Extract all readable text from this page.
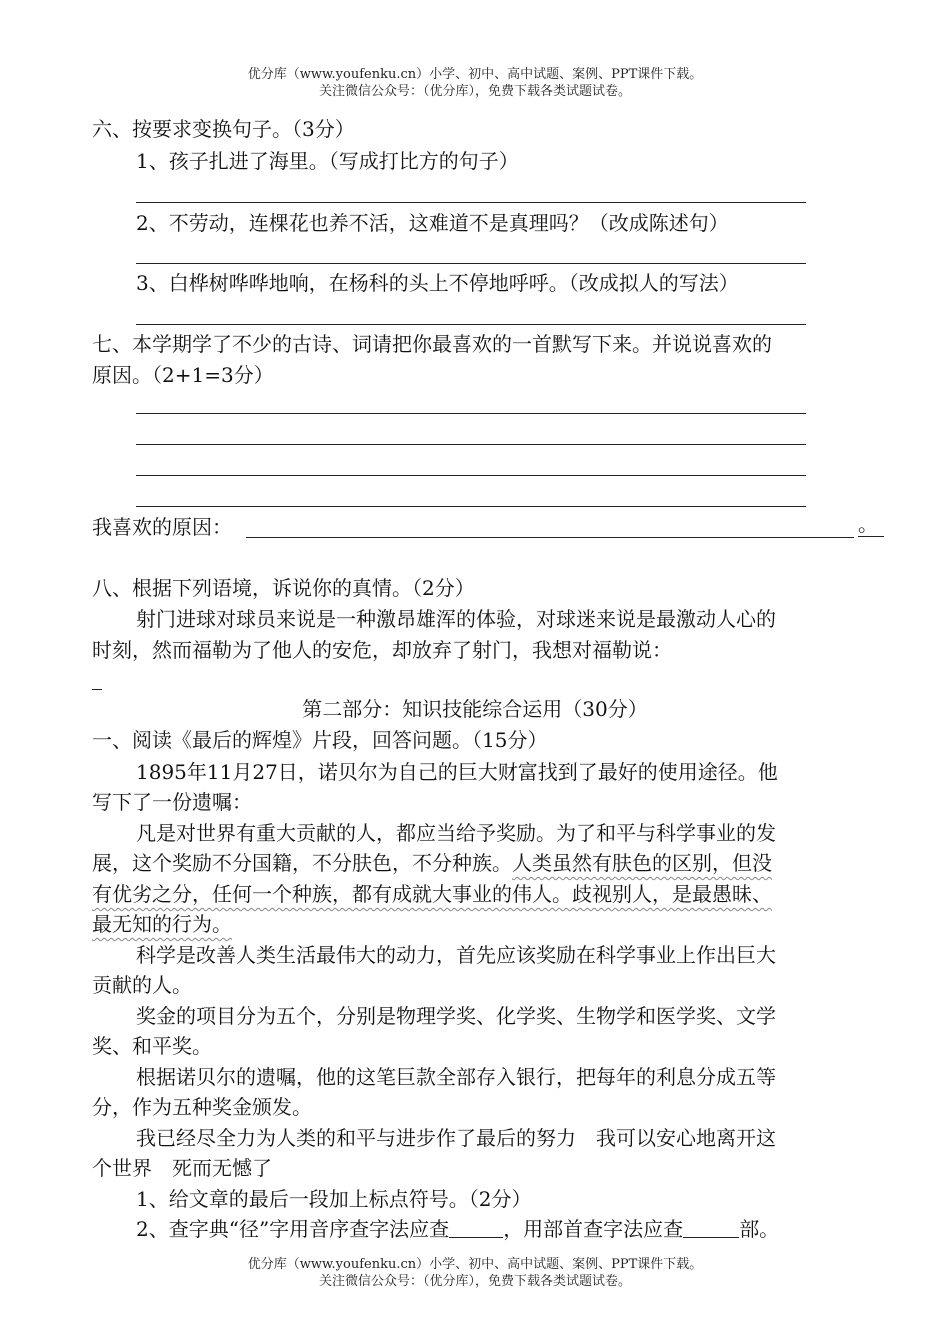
优分库（www.youfenku.cn）小学、初中、高中试题、案例、PPT课件下载。
关注微信公众号：（优分库），免费下载各类试题试卷。
六、按要求变换句子。（3分）
1、孩子扎进了海里。（写成打比方的句子）
2、不劳动，连棵花也养不活，这难道不是真理吗？（改成陈述句）
3、白桦树哗哗地响，在杨科的头上不停地呼呼。（改成拟人的写法）
七、本学期学了不少的古诗、词请把你最喜欢的一首默写下来。并说说喜欢的
原因。（2+1=3分）
我喜欢的原因：	。
八、根据下列语境，诉说你的真情。（2分）
射门进球对球员来说是一种激昂雄浑的体验，对球迷来说是最激动人心的
时刻，然而福勒为了他人的安危，却放弃了射门，我想对福勒说：
第二部分：知识技能综合运用（30分）
一、阅读《最后的辉煌》片段，回答问题。（15分）
1895年11月27日，诺贝尔为自己的巨大财富找到了最好的使用途径。他
写下了一份遗嘱：
凡是对世界有重大贡献的人，都应当给予奖励。为了和平与科学事业的发
展，这个奖励不分国籍，不分肤色，不分种族。人类虽然有肤色的区别，但没
有优劣之分，任何一个种族，都有成就大事业的伟人。歧视别人，是最愚昧、
最无知的行为。
科学是改善人类生活最伟大的动力，首先应该奖励在科学事业上作出巨大
贡献的人。
奖金的项目分为五个，分别是物理学奖、化学奖、生物学和医学奖、文学
奖、和平奖。
根据诺贝尔的遗嘱，他的这笔巨款全部存入银行，把每年的利息分成五等
分，作为五种奖金颁发。
我已经尽全力为人类的和平与进步作了最后的努力　我可以安心地离开这
个世界　死而无憾了
1、给文章的最后一段加上标点符号。（2分）
2、查字典“径”字用音序查字法应查	，用部首查字法应查	部。
优分库（www.youfenku.cn）小学、初中、高中试题、案例、PPT课件下载。
关注微信公众号：（优分库），免费下载各类试题试卷。
